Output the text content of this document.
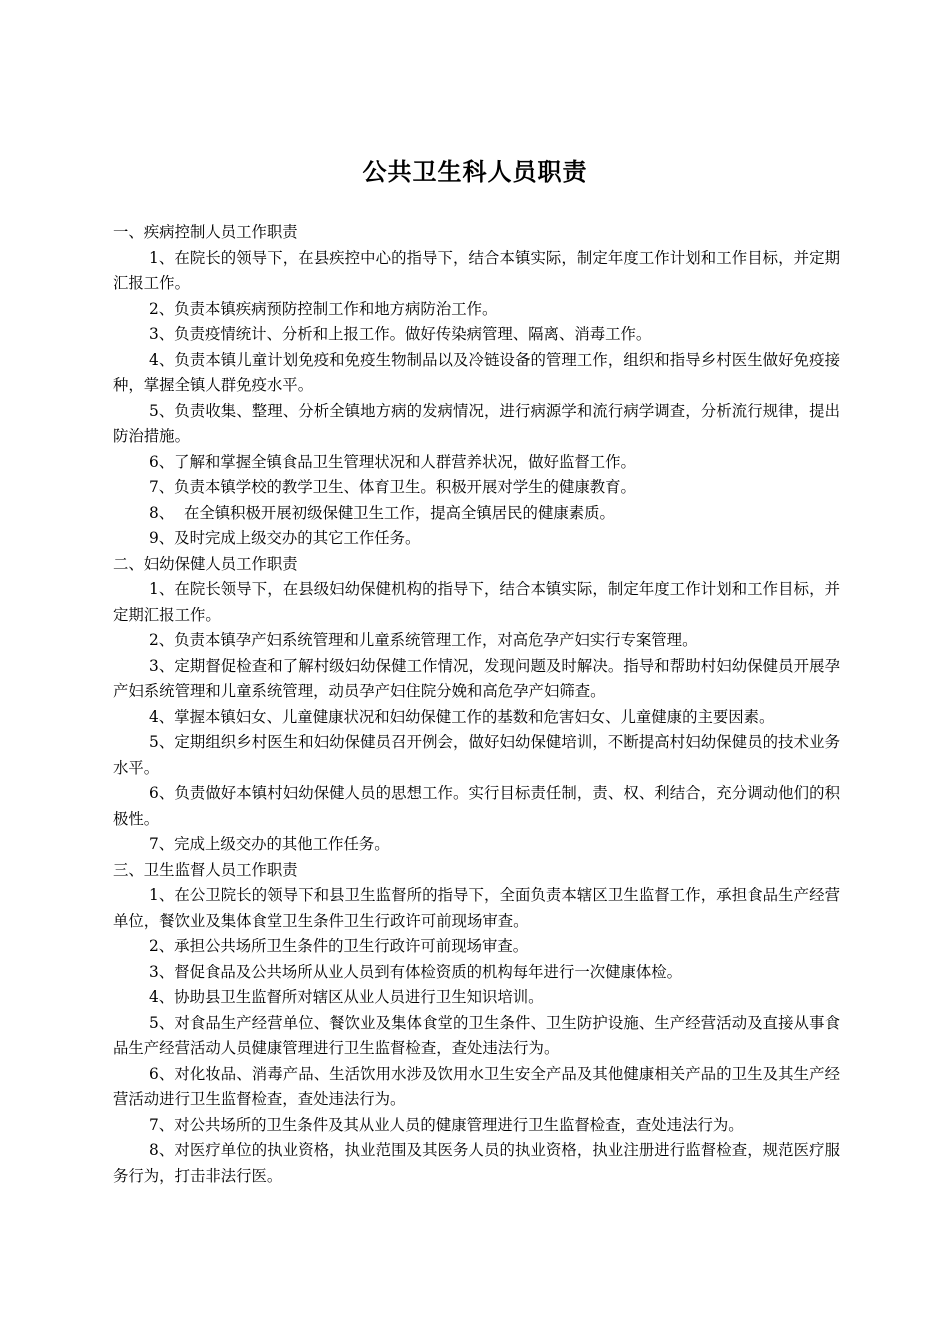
公共卫生科人员职责

一、疾病控制人员工作职责

1、在院长的领导下，在县疾控中心的指导下，结合本镇实际，制定年度工作计划和工作目标，并定期汇报工作。

2、负责本镇疾病预防控制工作和地方病防治工作。

3、负责疫情统计、分析和上报工作。做好传染病管理、隔离、消毒工作。

4、负责本镇儿童计划免疫和免疫生物制品以及冷链设备的管理工作，组织和指导乡村医生做好免疫接种，掌握全镇人群免疫水平。

5、负责收集、整理、分析全镇地方病的发病情况，进行病源学和流行病学调查，分析流行规律，提出防治措施。

6、了解和掌握全镇食品卫生管理状况和人群营养状况，做好监督工作。

7、负责本镇学校的教学卫生、体育卫生。积极开展对学生的健康教育。

8、  在全镇积极开展初级保健卫生工作，提高全镇居民的健康素质。

9、及时完成上级交办的其它工作任务。

二、妇幼保健人员工作职责

1、在院长领导下，在县级妇幼保健机构的指导下，结合本镇实际，制定年度工作计划和工作目标，并定期汇报工作。

2、负责本镇孕产妇系统管理和儿童系统管理工作，对高危孕产妇实行专案管理。

3、定期督促检查和了解村级妇幼保健工作情况，发现问题及时解决。指导和帮助村妇幼保健员开展孕产妇系统管理和儿童系统管理，动员孕产妇住院分娩和高危孕产妇筛查。

4、掌握本镇妇女、儿童健康状况和妇幼保健工作的基数和危害妇女、儿童健康的主要因素。

5、定期组织乡村医生和妇幼保健员召开例会，做好妇幼保健培训，不断提高村妇幼保健员的技术业务水平。

6、负责做好本镇村妇幼保健人员的思想工作。实行目标责任制，责、权、利结合，充分调动他们的积极性。

7、完成上级交办的其他工作任务。

三、卫生监督人员工作职责

1、在公卫院长的领导下和县卫生监督所的指导下，全面负责本辖区卫生监督工作，承担食品生产经营单位，餐饮业及集体食堂卫生条件卫生行政许可前现场审查。

2、承担公共场所卫生条件的卫生行政许可前现场审查。

3、督促食品及公共场所从业人员到有体检资质的机构每年进行一次健康体检。

4、协助县卫生监督所对辖区从业人员进行卫生知识培训。

5、对食品生产经营单位、餐饮业及集体食堂的卫生条件、卫生防护设施、生产经营活动及直接从事食品生产经营活动人员健康管理进行卫生监督检查，查处违法行为。

6、对化妆品、消毒产品、生活饮用水涉及饮用水卫生安全产品及其他健康相关产品的卫生及其生产经营活动进行卫生监督检查，查处违法行为。

7、对公共场所的卫生条件及其从业人员的健康管理进行卫生监督检查，查处违法行为。

8、对医疗单位的执业资格，执业范围及其医务人员的执业资格，执业注册进行监督检查，规范医疗服务行为，打击非法行医。
